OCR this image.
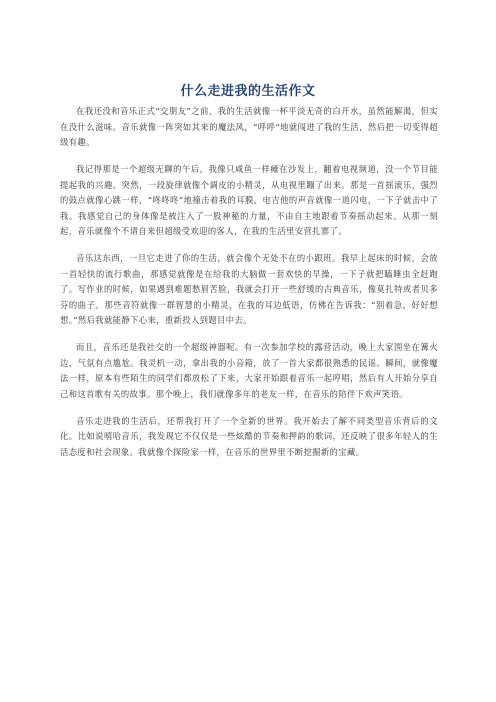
什么走进我的生活作文

在我还没和音乐正式“交朋友”之前，我的生活就像一杯平淡无奇的白开水，虽然能解渴，但实在没什么滋味。音乐就像一阵突如其来的魔法风，“呼呼”地就闯进了我的生活，然后把一切变得超级有趣。

我记得那是一个超级无聊的午后，我像只咸鱼一样瘫在沙发上，翻着电视频道，没一个节目能提起我的兴趣。突然，一段旋律就像个调皮的小精灵，从电视里蹦了出来。那是一首摇滚乐，强烈的鼓点就像心跳一样，“咚咚咚”地撞击着我的耳膜，电吉他的声音就像一道闪电，一下子就击中了我。我感觉自己的身体像是被注入了一股神秘的力量，不由自主地跟着节奏摇动起来。从那一刻起，音乐就像个不请自来但超级受欢迎的客人，在我的生活里安营扎寨了。

音乐这东西，一旦它走进了你的生活，就会像个无处不在的小跟班。我早上起床的时候，会放一首轻快的流行歌曲，那感觉就像是在给我的大脑做一套欢快的早操，一下子就把瞌睡虫全赶跑了。写作业的时候，如果遇到难题愁眉苦脸，我就会打开一些舒缓的古典音乐，像莫扎特或者贝多芬的曲子。那些音符就像一群智慧的小精灵，在我的耳边低语，仿佛在告诉我：“别着急，好好想想。”然后我就能静下心来，重新投入到题目中去。

而且，音乐还是我社交的一个超级神器呢。有一次参加学校的露营活动，晚上大家围坐在篝火边，气氛有点尴尬。我灵机一动，拿出我的小音箱，放了一首大家都很熟悉的民谣。瞬间，就像魔法一样，原本有些陌生的同学们都放松了下来，大家开始跟着音乐一起哼唱，然后有人开始分享自己和这首歌有关的故事。那个晚上，我们就像多年的老友一样，在音乐的陪伴下欢声笑语。

音乐走进我的生活后，还帮我打开了一个全新的世界。我开始去了解不同类型音乐背后的文化。比如说嘻哈音乐，我发现它不仅仅是一些炫酷的节奏和押韵的歌词，还反映了很多年轻人的生活态度和社会现象。我就像个探险家一样，在音乐的世界里不断挖掘新的宝藏。
